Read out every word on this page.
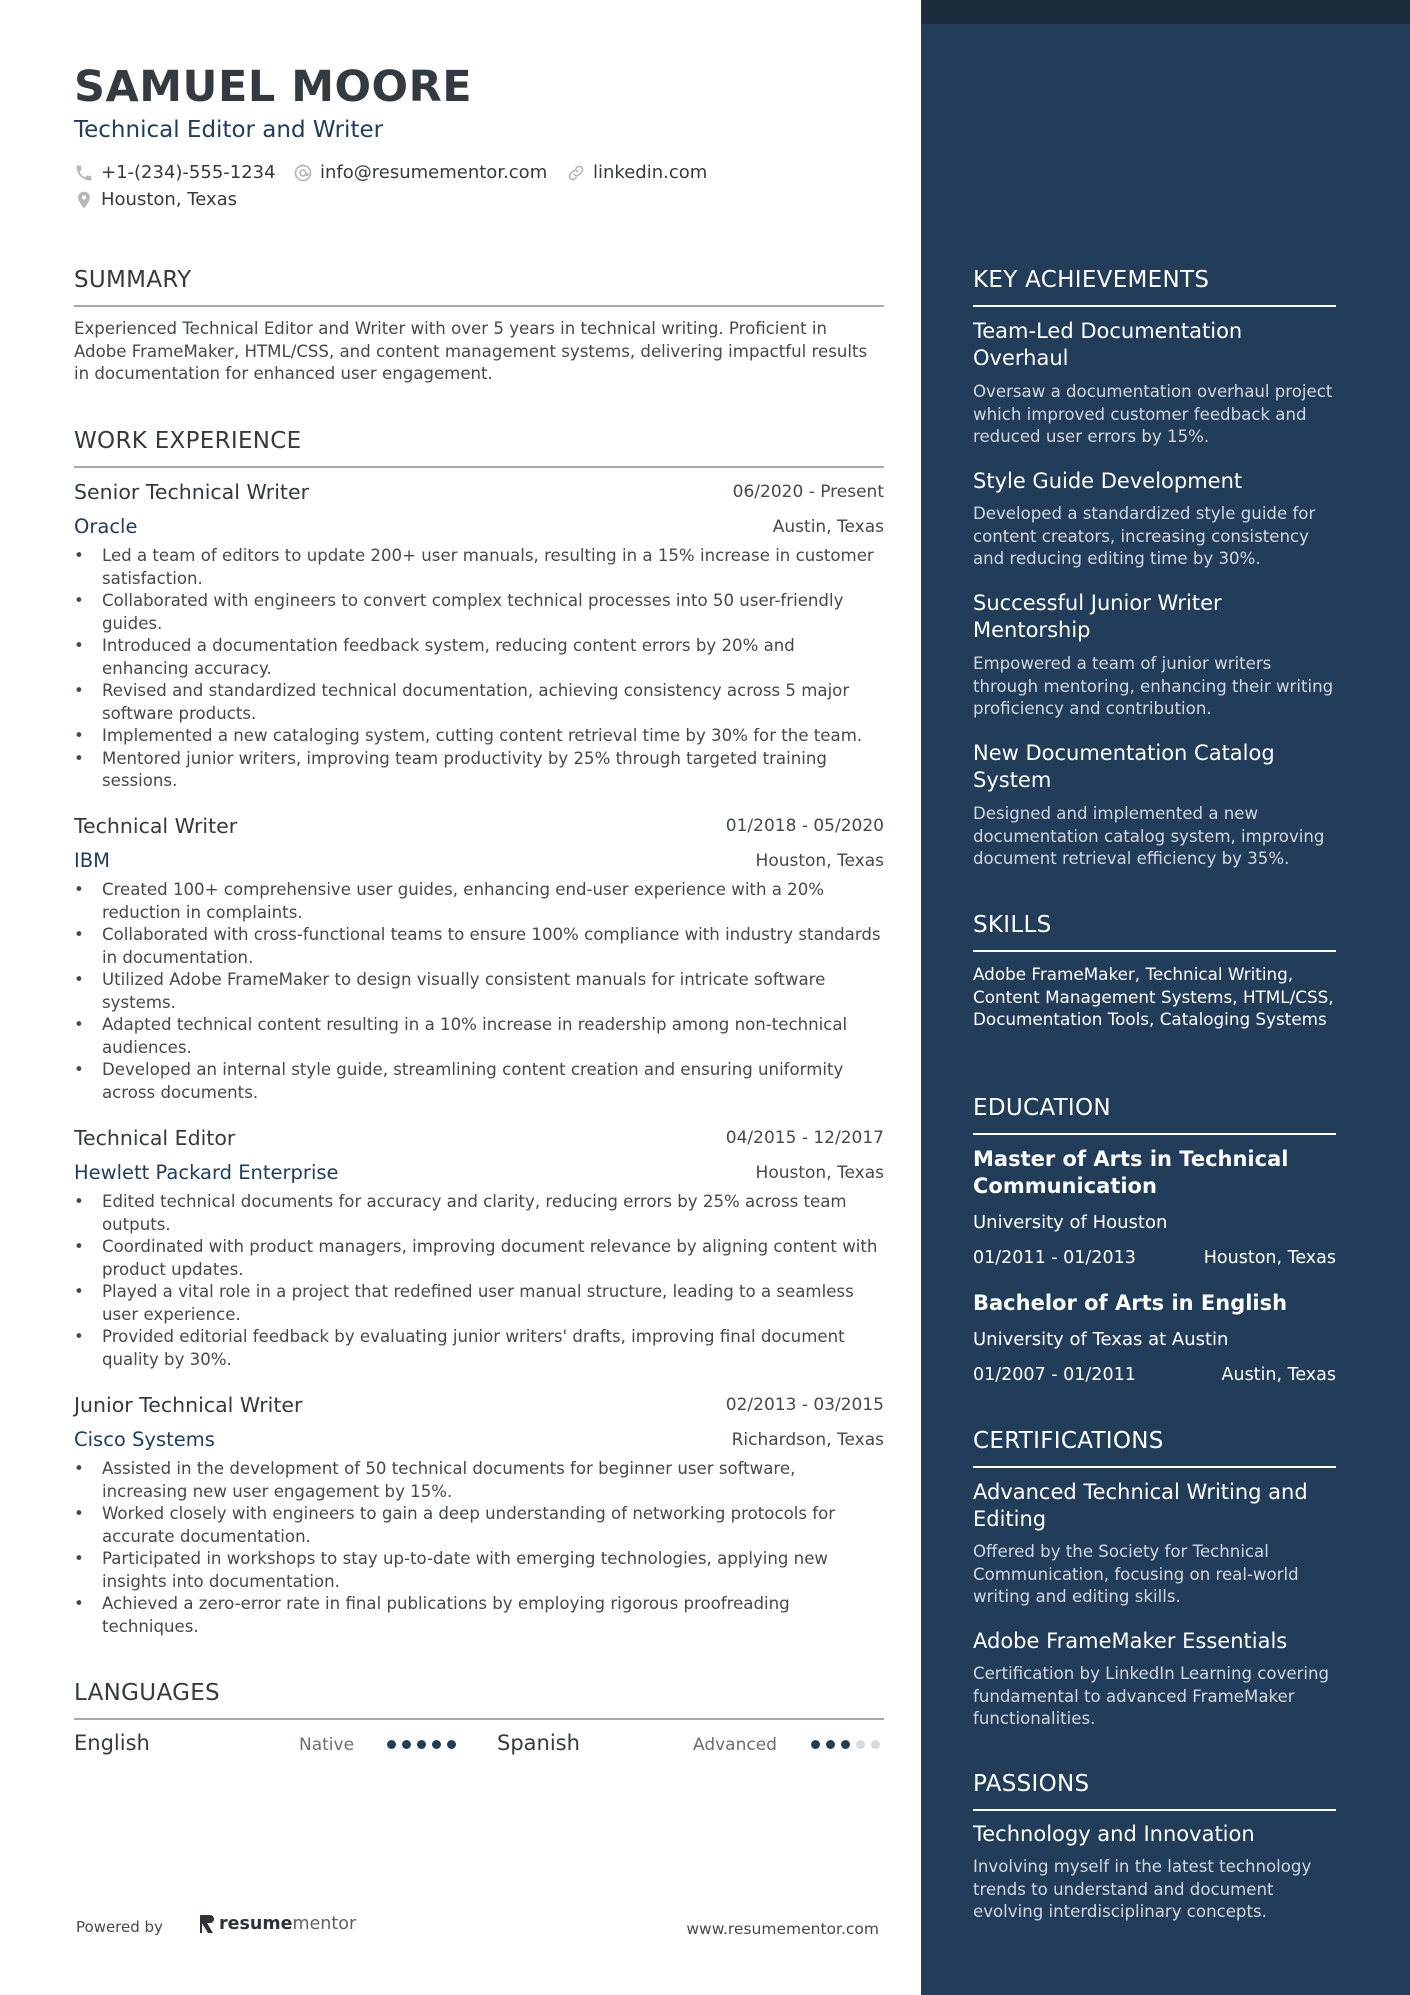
SAMUEL MOORE
Technical Editor and Writer
+1-(234)-555-1234 info@resumementor.com	linkedin.com
Houston, Texas
SUMMARY
Experienced Technical Editor and Writer with over 5 years in technical writing. Proficient in Adobe FrameMaker, HTML/CSS, and content management systems, delivering impactful results in documentation for enhanced user engagement.
WORK EXPERIENCE
Senior Technical Writer	06/2020 - Present
Oracle	Austin, Texas
• Led a team of editors to update 200+ user manuals, resulting in a 15% increase in customer satisfaction.
• Collaborated with engineers to convert complex technical processes into 50 user-friendly guides.
• Introduced a documentation feedback system, reducing content errors by 20% and enhancing accuracy.
• Revised and standardized technical documentation, achieving consistency across 5 major software products.
• Implemented a new cataloging system, cutting content retrieval time by 30% for the team.
• Mentored junior writers, improving team productivity by 25% through targeted training sessions.
Technical Writer	01/2018 - 05/2020
IBM	Houston, Texas
• Created 100+ comprehensive user guides, enhancing end-user experience with a 20% reduction in complaints.
• Collaborated with cross-functional teams to ensure 100% compliance with industry standards in documentation.
• Utilized Adobe FrameMaker to design visually consistent manuals for intricate software systems.
• Adapted technical content resulting in a 10% increase in readership among non-technical audiences.
• Developed an internal style guide, streamlining content creation and ensuring uniformity across documents.
Technical Editor	04/2015 - 12/2017
Hewlett Packard Enterprise	Houston, Texas
• Edited technical documents for accuracy and clarity, reducing errors by 25% across team outputs.
• Coordinated with product managers, improving document relevance by aligning content with product updates.
• Played a vital role in a project that redefined user manual structure, leading to a seamless user experience.
• Provided editorial feedback by evaluating junior writers' drafts, improving final document quality by 30%.
Junior Technical Writer	02/2013 - 03/2015
Cisco Systems	Richardson, Texas
• Assisted in the development of 50 technical documents for beginner user software, increasing new user engagement by 15%.
• Worked closely with engineers to gain a deep understanding of networking protocols for accurate documentation.
• Participated in workshops to stay up-to-date with emerging technologies, applying new insights into documentation.
• Achieved a zero-error rate in final publications by employing rigorous proofreading techniques.
LANGUAGES
English	Native	Spanish	Advanced
Powered by	resume mentor	www.resumementor.com
KEY ACHIEVEMENTS
Team-Led Documentation Overhaul
Oversaw a documentation overhaul project which improved customer feedback and reduced user errors by 15%.
Style Guide Development
Developed a standardized style guide for content creators, increasing consistency and reducing editing time by 30%.
Successful Junior Writer Mentorship
Empowered a team of junior writers through mentoring, enhancing their writing proficiency and contribution.
New Documentation Catalog System
Designed and implemented a new documentation catalog system, improving document retrieval efficiency by 35%.
SKILLS
Adobe FrameMaker, Technical Writing, Content Management Systems, HTML/CSS, Documentation Tools, Cataloging Systems
EDUCATION
Master of Arts in Technical Communication
University of Houston
01/2011 - 01/2013	Houston, Texas
Bachelor of Arts in English
University of Texas at Austin
01/2007 - 01/2011	Austin, Texas
CERTIFICATIONS
Advanced Technical Writing and Editing
Offered by the Society for Technical Communication, focusing on real-world writing and editing skills.
Adobe FrameMaker Essentials
Certification by LinkedIn Learning covering fundamental to advanced FrameMaker functionalities.
PASSIONS
Technology and Innovation
Involving myself in the latest technology trends to understand and document evolving interdisciplinary concepts.
